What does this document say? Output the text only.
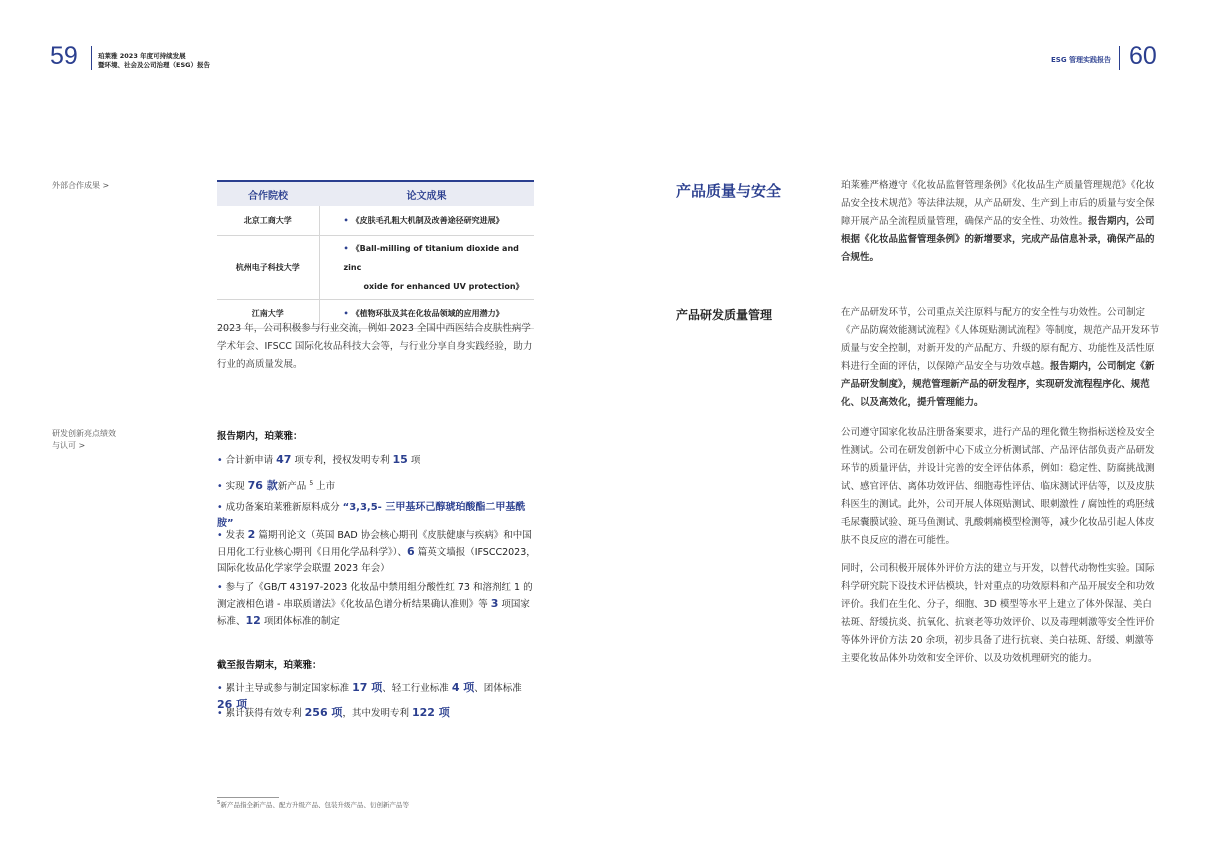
59	珀莱雅 2023 年度可持续发展
暨环境、社会及公司治理（ESG）报告
ESG 管理实践报告 60
外部合作成果 >
研发创新亮点绩效
与认可 >
合作院校	论文成果
北京工商大学	• 《皮肤毛孔粗大机制及改善途径研究进展》
杭州电子科技大学	• 《Ball-milling of titanium dioxide and zinc
oxide for enhanced UV protection》
江南大学	• 《植物环肽及其在化妆品领域的应用潜力》
2023 年，公司积极参与行业交流，例如 2023 全国中西医结合皮肤性病学学术年会、IFSCC 国际化妆品科技大会等，与行业分享自身实践经验，助力行业的高质量发展。
报告期内，珀莱雅：
• 合计新申请 47 项专利，授权发明专利 15 项
• 实现 76 款新产品 $^5$ 上市
• 成功备案珀莱雅新原料成分 “3,3,5- 三甲基环己醇琥珀酸酯二甲基酰胺”
• 发表 2 篇期刊论文（英国 BAD 协会核心期刊《皮肤健康与疾病》和中国日用化工行业核心期刊《日用化学品科学》）、6 篇英文墙报（IFSCC2023，国际化妆品化学家学会联盟 2023 年会）
• 参与了《GB/T 43197-2023 化妆品中禁用组分酸性红 73 和溶剂红 1 的测定液相色谱 - 串联质谱法》《化妆品色谱分析结果确认准则》等 3 项国家标准、12 项团体标准的制定
截至报告期末，珀莱雅：
• 累计主导或参与制定国家标准 17 项、轻工行业标准 4 项、团体标准 26 项
• 累计获得有效专利 256 项，其中发明专利 122 项
$^5$新产品指全新产品、配方升级产品、包装升级产品、衍创新产品等
产品质量与安全	珀莱雅严格遵守《化妆品监督管理条例》《化妆品生产质量管理规范》《化妆品安全技术规范》等法律法规，从产品研发、生产到上市后的质量与安全保障开展产品全流程质量管理，确保产品的安全性、功效性。报告期内，公司根据《化妆品监督管理条例》的新增要求，完成产品信息补录，确保产品的合规性。
产品研发质量管理	在产品研发环节，公司重点关注原料与配方的安全性与功效性。公司制定《产品防腐效能测试流程》《人体斑贴测试流程》等制度，规范产品开发环节质量与安全控制，对新开发的产品配方、升级的原有配方、功能性及活性原料进行全面的评估，以保障产品安全与功效卓越。报告期内，公司制定《新产品研发制度》，规范管理新产品的研发程序，实现研发流程程序化、规范化、以及高效化，提升管理能力。
公司遵守国家化妆品注册备案要求，进行产品的理化微生物指标送检及安全性测试。公司在研发创新中心下成立分析测试部、产品评估部负责产品研发环节的质量评估，并设计完善的安全评估体系，例如：稳定性、防腐挑战测试、感官评估、离体功效评估、细胞毒性评估、临床测试评估等，以及皮肤科医生的测试。此外，公司开展人体斑贴测试、眼刺激性 / 腐蚀性的鸡胚绒毛尿囊膜试验、斑马鱼测试、乳酸刺痛模型检测等，减少化妆品引起人体皮肤不良反应的潜在可能性。
同时，公司积极开展体外评价方法的建立与开发，以替代动物性实验。国际科学研究院下设技术评估模块，针对重点的功效原料和产品开展安全和功效评价。我们在生化、分子，细胞、3D 模型等水平上建立了体外保湿、美白祛斑、舒缓抗炎、抗氧化、抗衰老等功效评价、以及毒理刺激等安全性评价等体外评价方法 20 余项，初步具备了进行抗衰、美白祛斑、舒缓、刺激等主要化妆品体外功效和安全评价、以及功效机理研究的能力。
